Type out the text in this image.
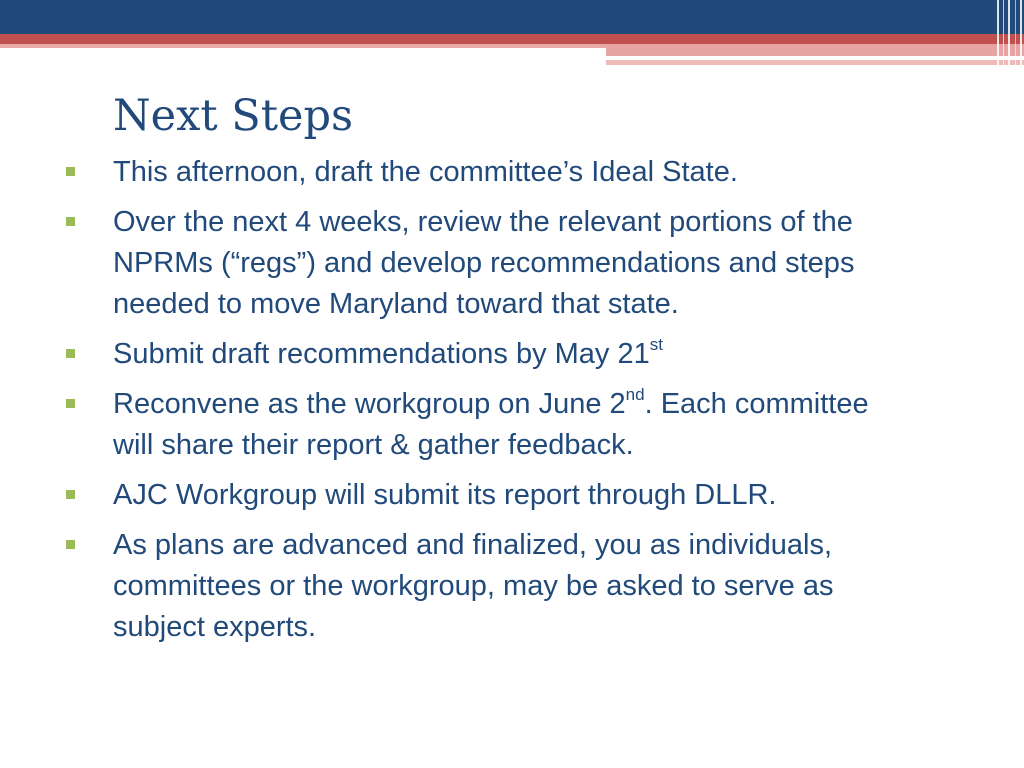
Next Steps
This afternoon, draft the committee’s Ideal State.
Over the next 4 weeks, review the relevant portions of the NPRMs (“regs”) and develop recommendations and steps needed to move Maryland toward that state.
Submit draft recommendations by May 21st
Reconvene as the workgroup on June 2nd. Each committee will share their report & gather feedback.
AJC Workgroup will submit its report through DLLR.
As plans are advanced and finalized, you as individuals, committees or the workgroup, may be asked to serve as subject experts.
